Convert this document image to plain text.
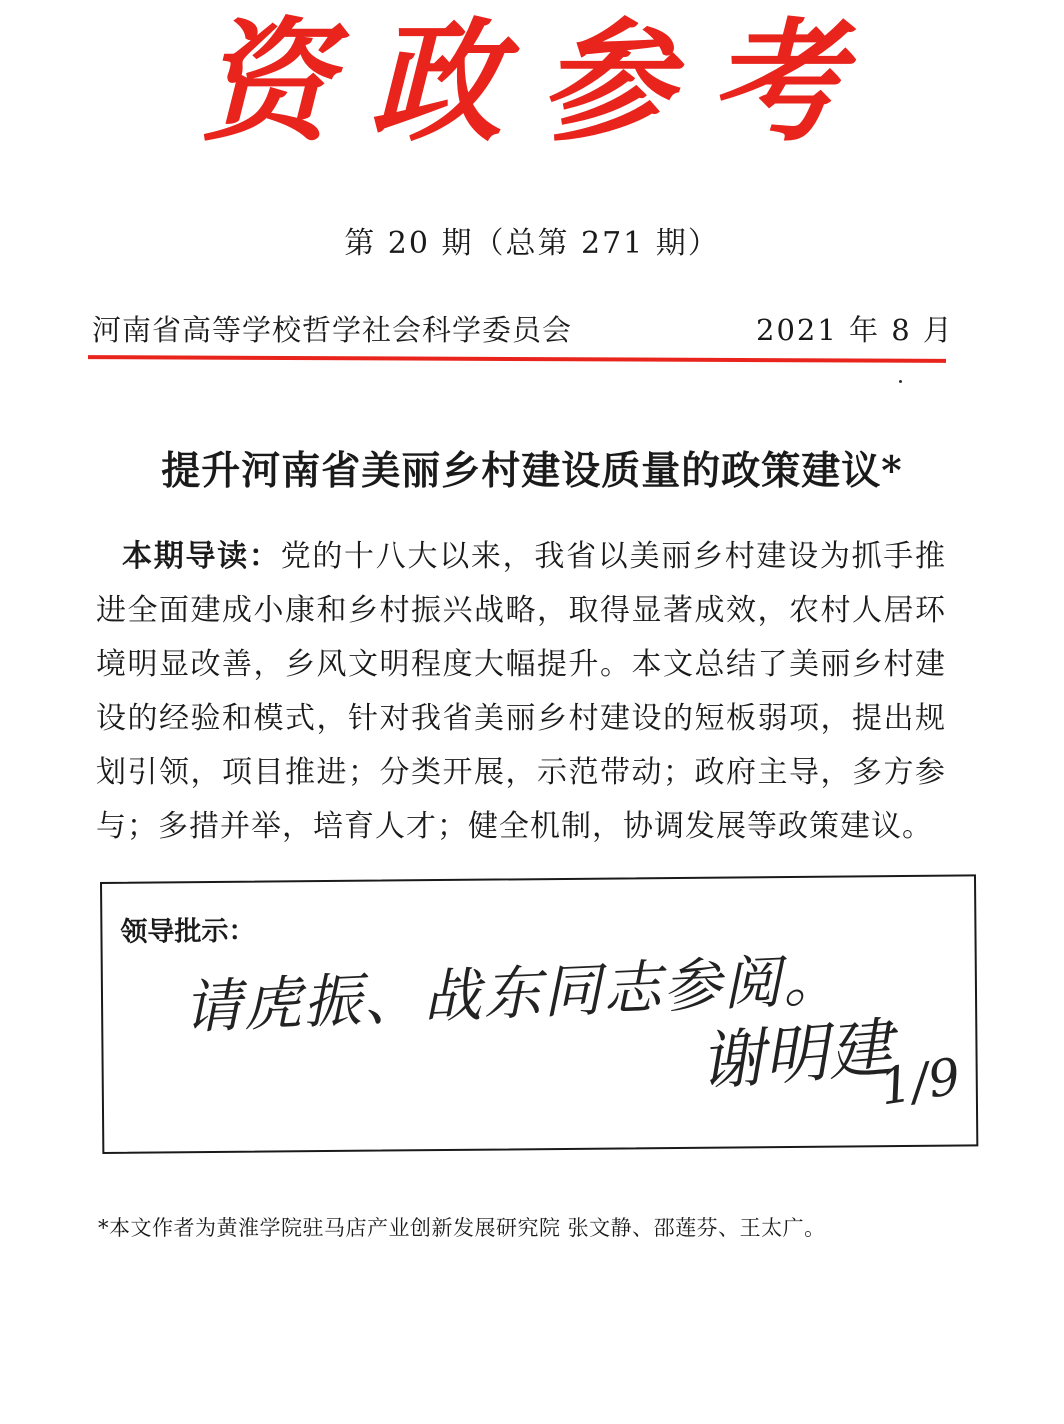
资政参考
第 20 期（总第 271 期）
河南省高等学校哲学社会科学委员会	2021 年 8 月
提升河南省美丽乡村建设质量的政策建议*
本期导读：党的十八大以来，我省以美丽乡村建设为抓手推进全面建成小康和乡村振兴战略，取得显著成效，农村人居环境明显改善，乡风文明程度大幅提升。本文总结了美丽乡村建设的经验和模式，针对我省美丽乡村建设的短板弱项，提出规划引领，项目推进；分类开展，示范带动；政府主导，多方参与；多措并举，培育人才；健全机制，协调发展等政策建议。
领导批示：
请虎振、战东同志参阅。
谢明建
1/9
*本文作者为黄淮学院驻马店产业创新发展研究院 张文静、邵莲芬、王太广。
